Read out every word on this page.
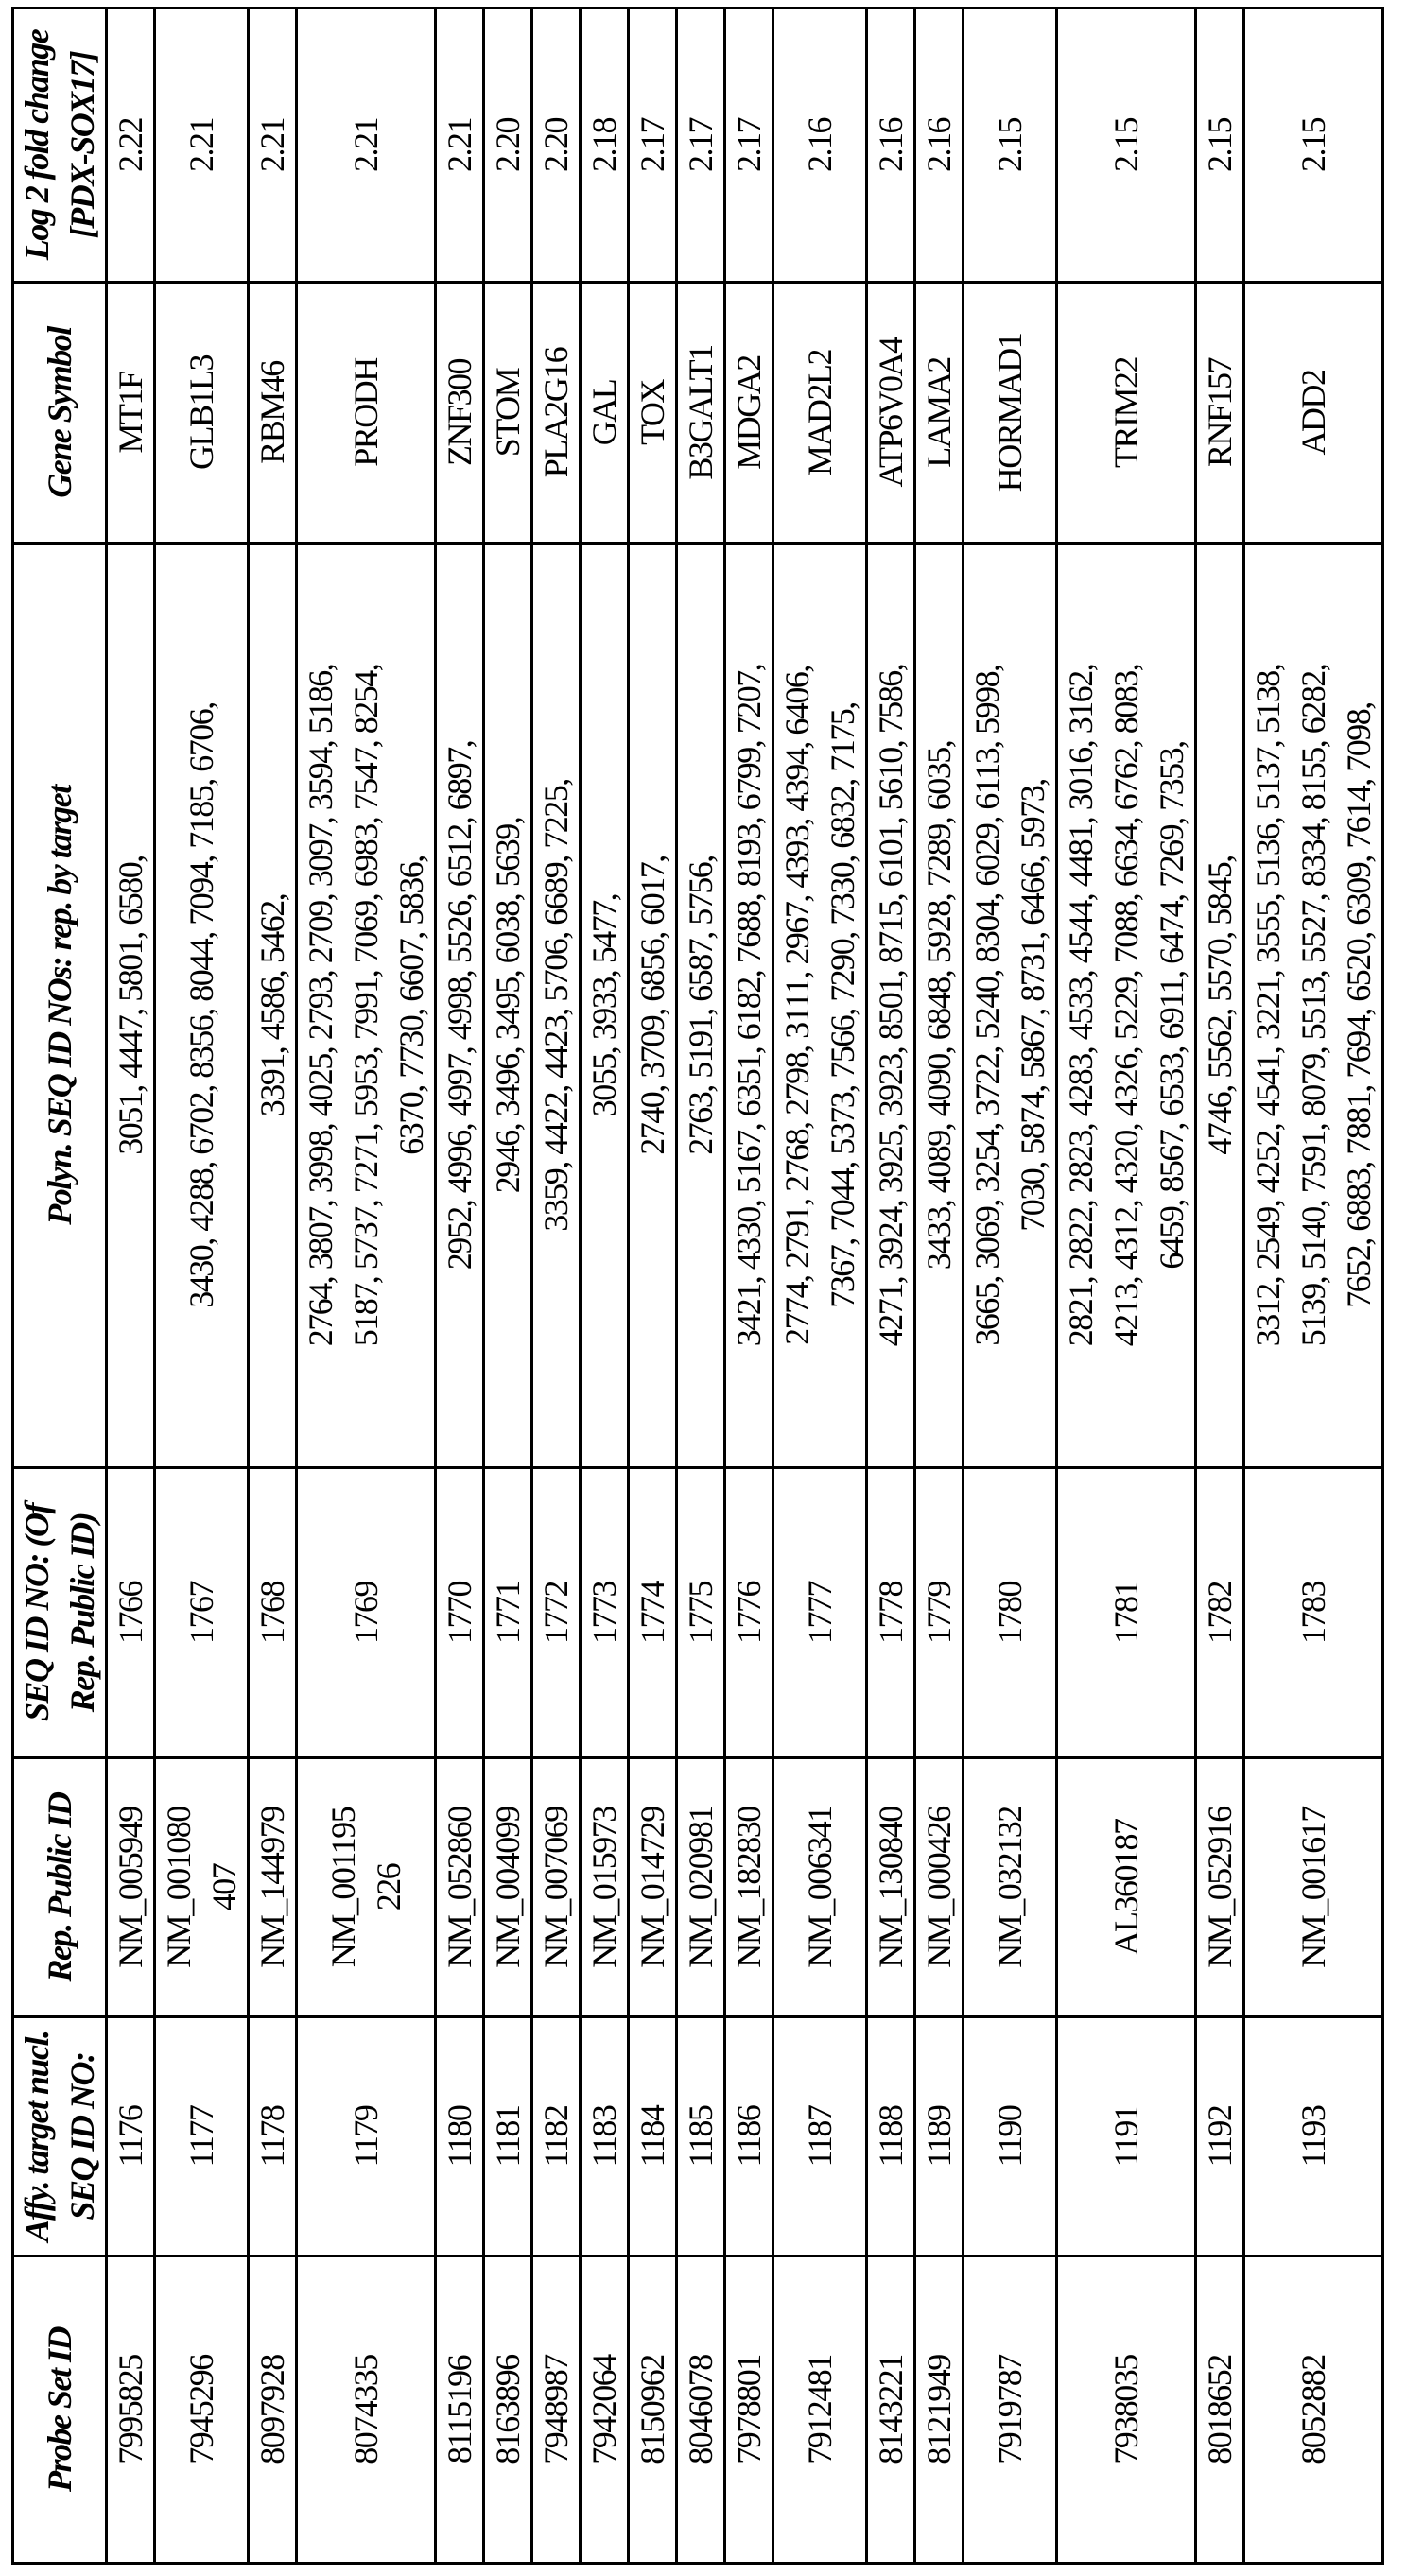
Probe Set ID	Affy. target nucl. SEQ ID NO:	Rep. Public ID	SEQ ID NO: (Of Rep. Public ID)	Polyn. SEQ ID NOs: rep. by target	Gene Symbol	Log 2 fold change [PDX-SOX17]
7995825	1176	
NM_005949
	1766	
3051, 4447, 5801, 6580,
	MT1F	2.22
7945296	1177	
NM_001080 407
	1767	
3430, 4288, 6702, 8356, 8044, 7094, 7185, 6706,
	GLB1L3	2.21
8097928	1178	
NM_144979
	1768	
3391, 4586, 5462,
	RBM46	2.21
8074335	1179	
NM_001195 226
	1769	
2764, 3807, 3998, 4025, 2793, 2709, 3097, 3594, 5186, 5187, 5737, 7271, 5953, 7991, 7069, 6983, 7547, 8254, 6370, 7730, 6607, 5836,
	PRODH	2.21
8115196	1180	
NM_052860
	1770	
2952, 4996, 4997, 4998, 5526, 6512, 6897,
	ZNF300	2.21
8163896	1181	
NM_004099
	1771	
2946, 3496, 3495, 6038, 5639,
	STOM	2.20
7948987	1182	
NM_007069
	1772	
3359, 4422, 4423, 5706, 6689, 7225,
	PLA2G16	2.20
7942064	1183	
NM_015973
	1773	
3055, 3933, 5477,
	GAL	2.18
8150962	1184	
NM_014729
	1774	
2740, 3709, 6856, 6017,
	TOX	2.17
8046078	1185	
NM_020981
	1775	
2763, 5191, 6587, 5756,
	B3GALT1	2.17
7978801	1186	
NM_182830
	1776	
3421, 4330, 5167, 6351, 6182, 7688, 8193, 6799, 7207,
	MDGA2	2.17
7912481	1187	
NM_006341
	1777	
2774, 2791, 2768, 2798, 3111, 2967, 4393, 4394, 6406, 7367, 7044, 5373, 7566, 7290, 7330, 6832, 7175,
	MAD2L2	2.16
8143221	1188	
NM_130840
	1778	
4271, 3924, 3925, 3923, 8501, 8715, 6101, 5610, 7586,
	ATP6V0A4	2.16
8121949	1189	
NM_000426
	1779	
3433, 4089, 4090, 6848, 5928, 7289, 6035,
	LAMA2	2.16
7919787	1190	
NM_032132
	1780	
3665, 3069, 3254, 3722, 5240, 8304, 6029, 6113, 5998, 7030, 5874, 5867, 8731, 6466, 5973,
	HORMAD1	2.15
7938035	1191	
AL360187
	1781	
2821, 2822, 2823, 4283, 4533, 4544, 4481, 3016, 3162, 4213, 4312, 4320, 4326, 5229, 7088, 6634, 6762, 8083, 6459, 8567, 6533, 6911, 6474, 7269, 7353,
	TRIM22	2.15
8018652	1192	
NM_052916
	1782	
4746, 5562, 5570, 5845,
	RNF157	2.15
8052882	1193	
NM_001617
	1783	
3312, 2549, 4252, 4541, 3221, 3555, 5136, 5137, 5138, 5139, 5140, 7591, 8079, 5513, 5527, 8334, 8155, 6282, 7652, 6883, 7881, 7694, 6520, 6309, 7614, 7098,
	ADD2	2.15
